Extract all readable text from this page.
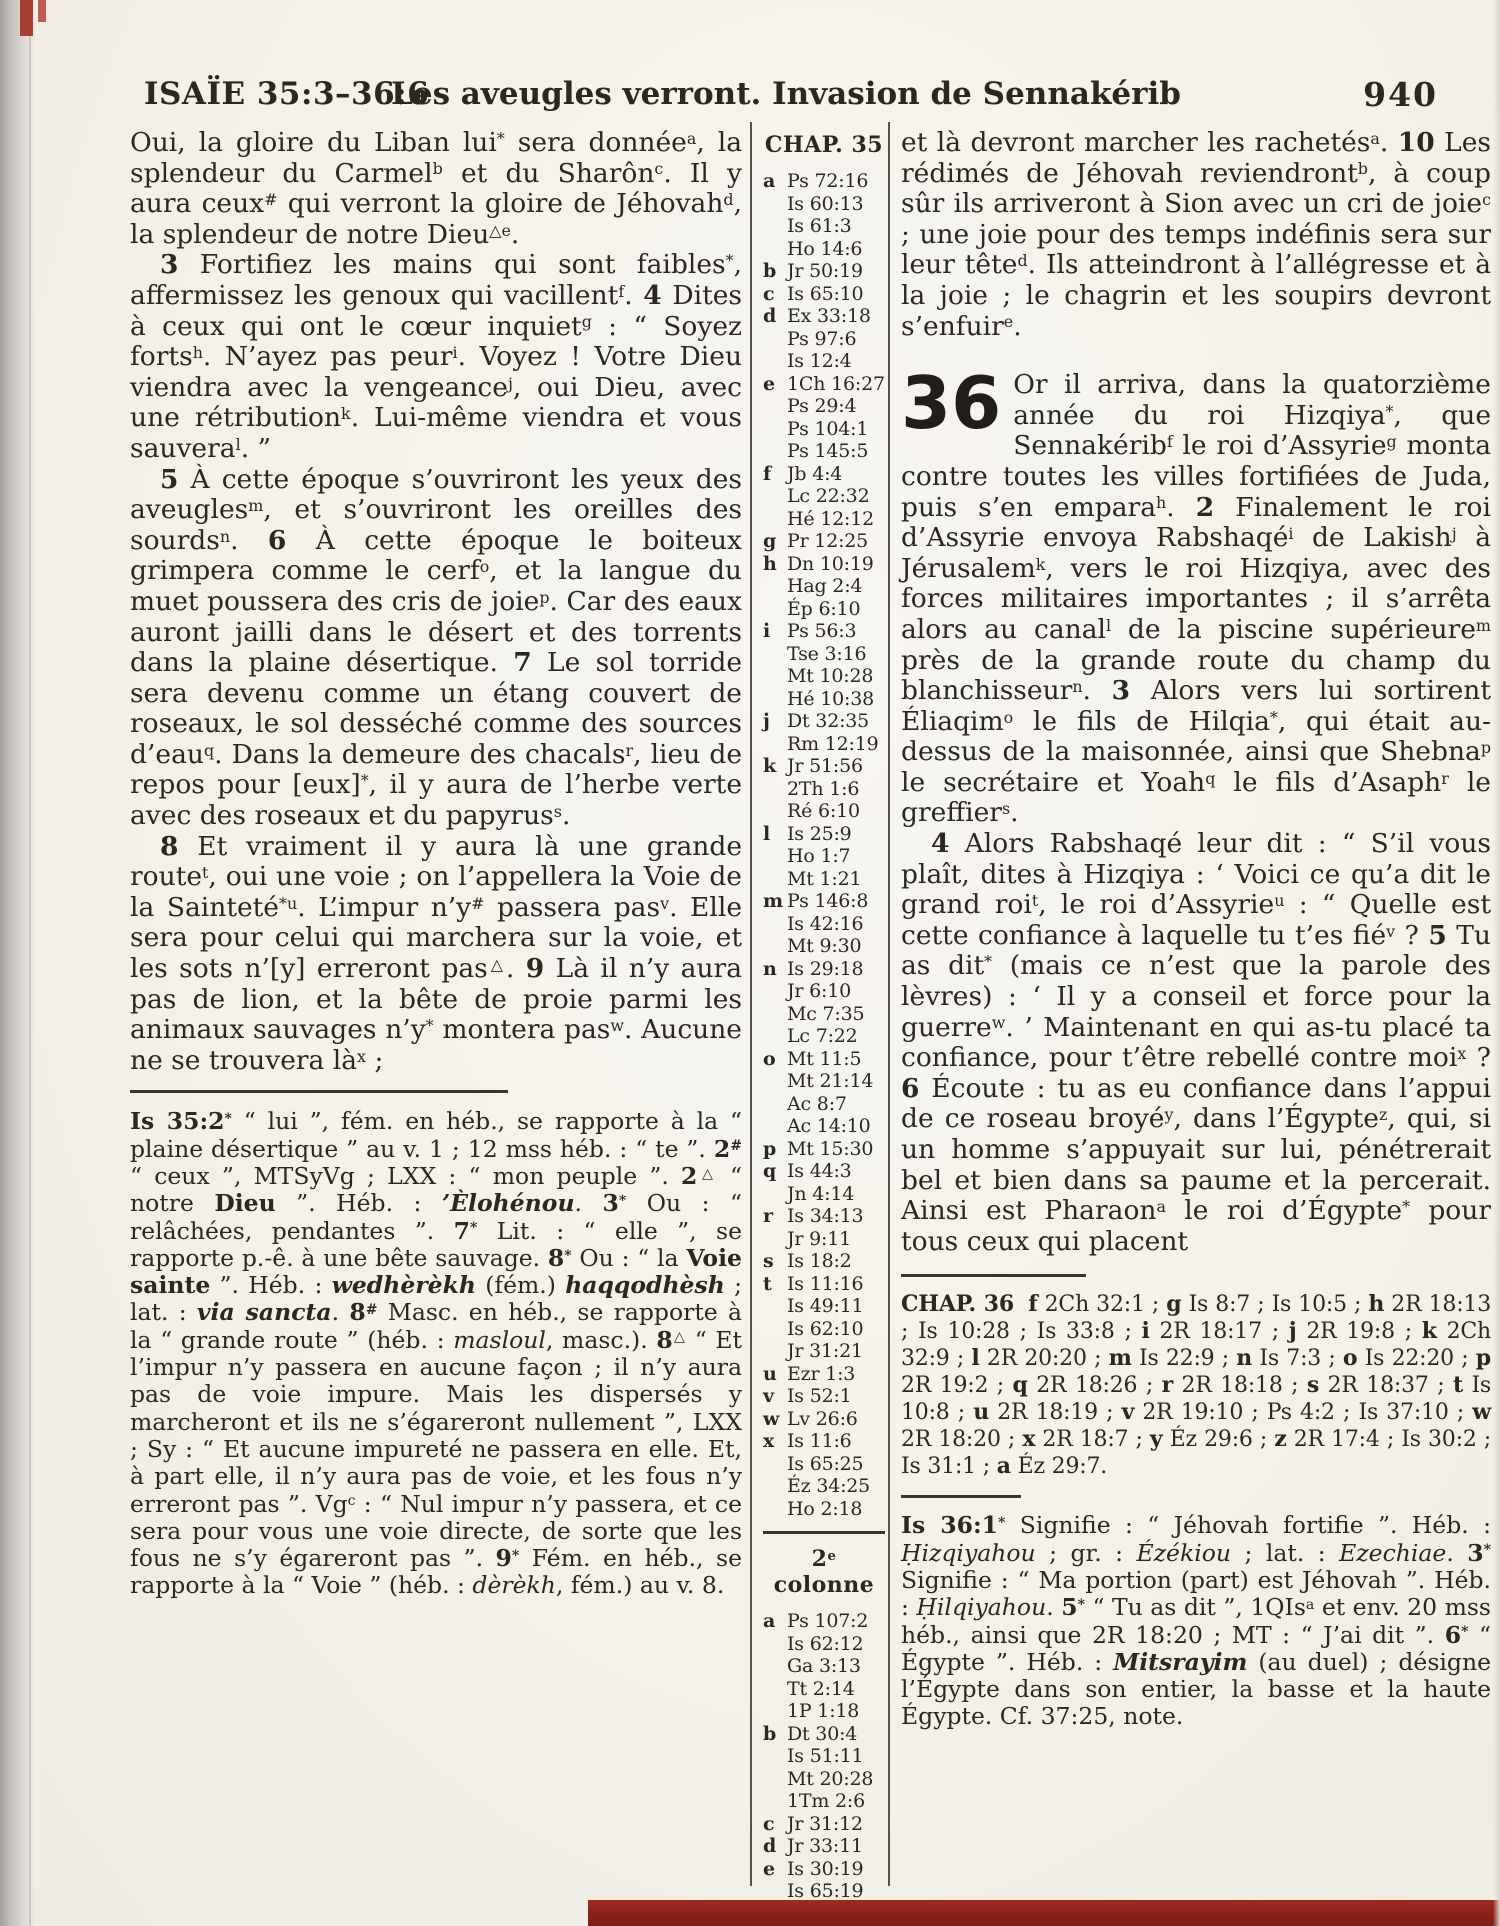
ISAÏE 35:3–36:6
Les aveugles verront. Invasion de Sennakérib	940

Oui, la gloire du Liban lui* sera donnée$^a$, la splendeur du Carmel$^b$ et du Sharôn$^c$. Il y aura ceux# qui verront la gloire de Jéhovah$^d$, la splendeur de notre Dieu$^{\triangle e}$.

3 Fortifiez les mains qui sont faibles*, affermissez les genoux qui vacillent$^f$. 4 Dites à ceux qui ont le cœur inquiet$^g$ : “ Soyez forts$^h$. N’ayez pas peur$^i$. Voyez ! Votre Dieu viendra avec la vengeance$^j$, oui Dieu, avec une rétribution$^k$. Lui-même viendra et vous sauvera$^l$. ”

5 À cette époque s’ouvriront les yeux des aveugles$^m$, et s’ouvriront les oreilles des sourds$^n$. 6 À cette époque le boiteux grimpera comme le cerf$^o$, et la langue du muet poussera des cris de joie$^p$. Car des eaux auront jailli dans le désert et des torrents dans la plaine désertique. 7 Le sol torride sera devenu comme un étang couvert de roseaux, le sol desséché comme des sources d’eau$^q$. Dans la demeure des chacals$^r$, lieu de repos pour [eux]*, il y aura de l’herbe verte avec des roseaux et du papyrus$^s$.

8 Et vraiment il y aura là une grande route$^t$, oui une voie ; on l’appellera la Voie de la Sainteté$^{*u}$. L’impur n’y# passera pas$^v$. Elle sera pour celui qui marchera sur la voie, et les sots n’[y] erreront pas△. 9 Là il n’y aura pas de lion, et la bête de proie parmi les animaux sauvages n’y* montera pas$^w$. Aucune ne se trouvera $là^x$ ;

Is 35:2* “ lui ”, fém. en héb., se rapporte à la “ plaine désertique ” au v. 1 ; 12 mss héb. : “ te ”. 2# “ ceux ”, MTSyVg ; LXX : “ mon peuple ”. 2△ “ notre Dieu ”. Héb. : ’Èlohénou. 3* Ou : “ relâchées, pendantes ”. 7* Lit. : “ elle ”, se rapporte p.-ê. à une bête sauvage. 8* Ou : “ la Voie sainte ”. Héb. : wedhèrèkh (fém.) haqqodhèsh ; lat. : via sancta. 8# Masc. en héb., se rapporte à la “ grande route ” (héb. : masloul, masc.). 8△ “ Et l’impur n’y passera en aucune façon ; il n’y aura pas de voie impure. Mais les dispersés y marcheront et ils ne s’égareront nullement ”, LXX ; Sy : “ Et aucune impureté ne passera en elle. Et, à part elle, il n’y aura pas de voie, et les fous n’y erreront pas ”. Vg$^c$ : “ Nul impur n’y passera, et ce sera pour vous une voie directe, de sorte que les fous ne s’y égareront pas ”. 9* Fém. en héb., se rapporte à la “ Voie ” (héb. : dèrèkh, fém.) au v. 8.
CHAP. 35
a Ps 72:16
Is 60:13
Is 61:3
Ho 14:6
b Jr 50:19
c Is 65:10
d Ex 33:18
Ps 97:6
Is 12:4
e 1Ch 16:27
Ps 29:4
Ps 104:1
Ps 145:5
f Jb 4:4
Lc 22:32
Hé 12:12
g Pr 12:25
h Dn 10:19
Hag 2:4
Ép 6:10
i Ps 56:3
Tse 3:16
Mt 10:28
Hé 10:38
j Dt 32:35
Rm 12:19
k Jr 51:56
2Th 1:6
Ré 6:10
l Is 25:9
Ho 1:7
Mt 1:21
m Ps 146:8
Is 42:16
Mt 9:30
n Is 29:18
Jr 6:10
Mc 7:35
Lc 7:22
o Mt 11:5
Mt 21:14
Ac 8:7
Ac 14:10
p Mt 15:30
q Is 44:3
Jn 4:14
r Is 34:13
Jr 9:11
s Is 18:2
t Is 11:16
Is 49:11
Is 62:10
Jr 31:21
u Ezr 1:3
v Is 52:1
w Lv 26:6
x Is 11:6
Is 65:25
Éz 34:25
Ho 2:18
2e colonne
a Ps 107:2
Is 62:12
Ga 3:13
Tt 2:14
1P 1:18
b Dt 30:4
Is 51:11
Mt 20:28
1Tm 2:6
c Jr 31:12
d Jr 33:11
e Is 30:19
Is 65:19

et là devront marcher les rachetés$^a$. 10 Les rédimés de Jéhovah reviendront$^b$, à coup sûr ils arriveront à Sion avec un cri de joie$^c$ ; une joie pour des temps indéfinis sera sur leur tête$^d$. Ils atteindront à l’allégresse et à la joie ; le chagrin et les soupirs devront s’enfuir$^e$.

36 Or il arriva, dans la quatorzième année du roi Hizqiya*, que Sennakérib$^f$ le roi d’Assyrie$^g$ monta contre toutes les villes fortifiées de Juda, puis s’en empara$^h$. 2 Finalement le roi d’Assyrie envoya Rabshaqé$^i$ de Lakish$^j$ à Jérusalem$^k$, vers le roi Hizqiya, avec des forces militaires importantes ; il s’arrêta alors au canal$^l$ de la piscine supérieure$^m$ près de la grande route du champ du blanchisseur$^n$. 3 Alors vers lui sortirent Éliaqim$^o$ le fils de Hilqia*, qui était au-dessus de la maisonnée, ainsi que Shebna$^p$ le secrétaire et Yoah$^q$ le fils d’Asaph$^r$ le greffier$^s$.

4 Alors Rabshaqé leur dit : “ S’il vous plaît, dites à Hizqiya : ‘ Voici ce qu’a dit le grand roi$^t$, le roi d’Assyrie$^u$ : “ Quelle est cette confiance à laquelle tu t’es fié$^v$ ? 5 Tu as dit* (mais ce n’est que la parole des lèvres) : ‘ Il y a conseil et force pour la guerre$^w$. ’ Maintenant en qui as-tu placé ta confiance, pour t’être rebellé contre moi$^x$ ? 6 Écoute : tu as eu confiance dans l’appui de ce roseau broyé$^y$, dans l’Égypte$^z$, qui, si un homme s’appuyait sur lui, pénétrerait bel et bien dans sa paume et la percerait. Ainsi est Pharaon$^a$ le roi d’Égypte* pour tous ceux qui placent

CHAP. 36 f 2Ch 32:1 ; g Is 8:7 ; Is 10:5 ; h 2R 18:13 ; Is 10:28 ; Is 33:8 ; i 2R 18:17 ; j 2R 19:8 ; k 2Ch 32:9 ; l 2R 20:20 ; m Is 22:9 ; n Is 7:3 ; o Is 22:20 ; p 2R 19:2 ; q 2R 18:26 ; r 2R 18:18 ; s 2R 18:37 ; t Is 10:8 ; u 2R 18:19 ; v 2R 19:10 ; Ps 4:2 ; Is 37:10 ; w 2R 18:20 ; x 2R 18:7 ; y Éz 29:6 ; z 2R 17:4 ; Is 30:2 ; Is 31:1 ; a Éz 29:7.
Is 36:1* Signifie : “ Jéhovah fortifie ”. Héb. : Ḥizqiyahou ; gr. : Ézékiou ; lat. : Ezechiae. 3* Signifie : “ Ma portion (part) est Jéhovah ”. Héb. : Ḥilqiyahou. 5* “ Tu as dit ”, 1QIs$^a$ et env. 20 mss héb., ainsi que 2R 18:20 ; MT : “ J’ai dit ”. 6* “ Égypte ”. Héb. : Mitsrayim (au duel) ; désigne l’Égypte dans son entier, la basse et la haute Égypte. Cf. 37:25, note.
